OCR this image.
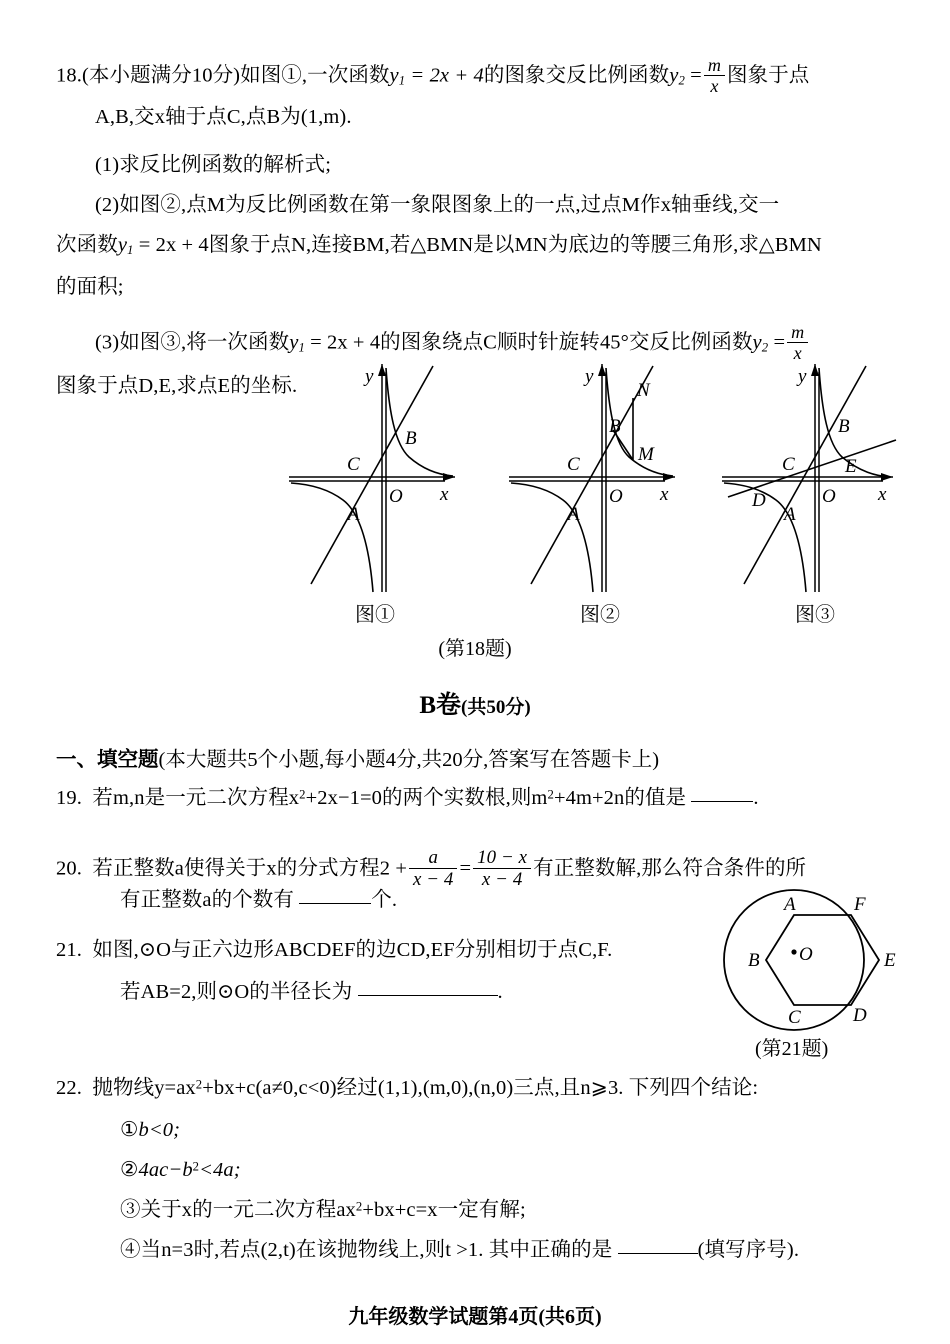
18.(本小题满分10分)如图①,一次函数$y_1 = 2x + 4$的图象交反比例函数$y_2 = \frac{m}{x}$ 图象于点
A,B,交x轴于点C,点B为(1,m).
(1)求反比例函数的解析式;
(2)如图②,点M为反比例函数在第一象限图象上的一点,过点M作x轴垂线,交一
次函数$y_1 = 2x + 4$图象于点N,连接BM,若△BMN是以MN为底边的等腰三角形,求△BMN
的面积;
(3)如图③,将一次函数$y_1 = 2x + 4$的图象绕点C顺时针旋转45°交反比例函数$y_2 = \frac{m}{x}$
图象于点D,E,求点E的坐标.
B
C
A
O x
y
N
B
M
C
A
O x
y
B
C	E
D
A
O x
y
图①	图②	图③
(第18题)
B卷(共50分)
一、填空题(本大题共5个小题,每小题4分,共20分,答案写在答题卡上)
19. 若m,n是一元二次方程$x^2+2x-1=0$的两个实数根,则$m^2+4m+2n$的值是	.
20. 若正整数a使得关于x的分式方程$2 + \frac{a}{x - 4} = \frac{10 - x}{x - 4}$ 有正整数解,那么符合条件的所
有正整数a的个数有	个.
21. 如图,⊙O与正六边形ABCDEF的边CD,EF分别相切于点C,F.
若AB=2,则⊙O的半径长为	.
A	F
E
D
C
B O
(第21题)
22. 抛物线$y=ax^2+bx+c(a\ne 0,c<0)$经过(1,1),(m,0),(n,0)三点,且n⩾3. 下列四个结论:
①b<0;
$②4ac-b^2<4a$;
③关于x的一元二次方程$ax^2+bx+c=x$一定有解;
④当n=3时,若点(2,t)在该抛物线上,则t >1. 其中正确的是	(填写序号).
九年级数学试题第4页(共6页)
